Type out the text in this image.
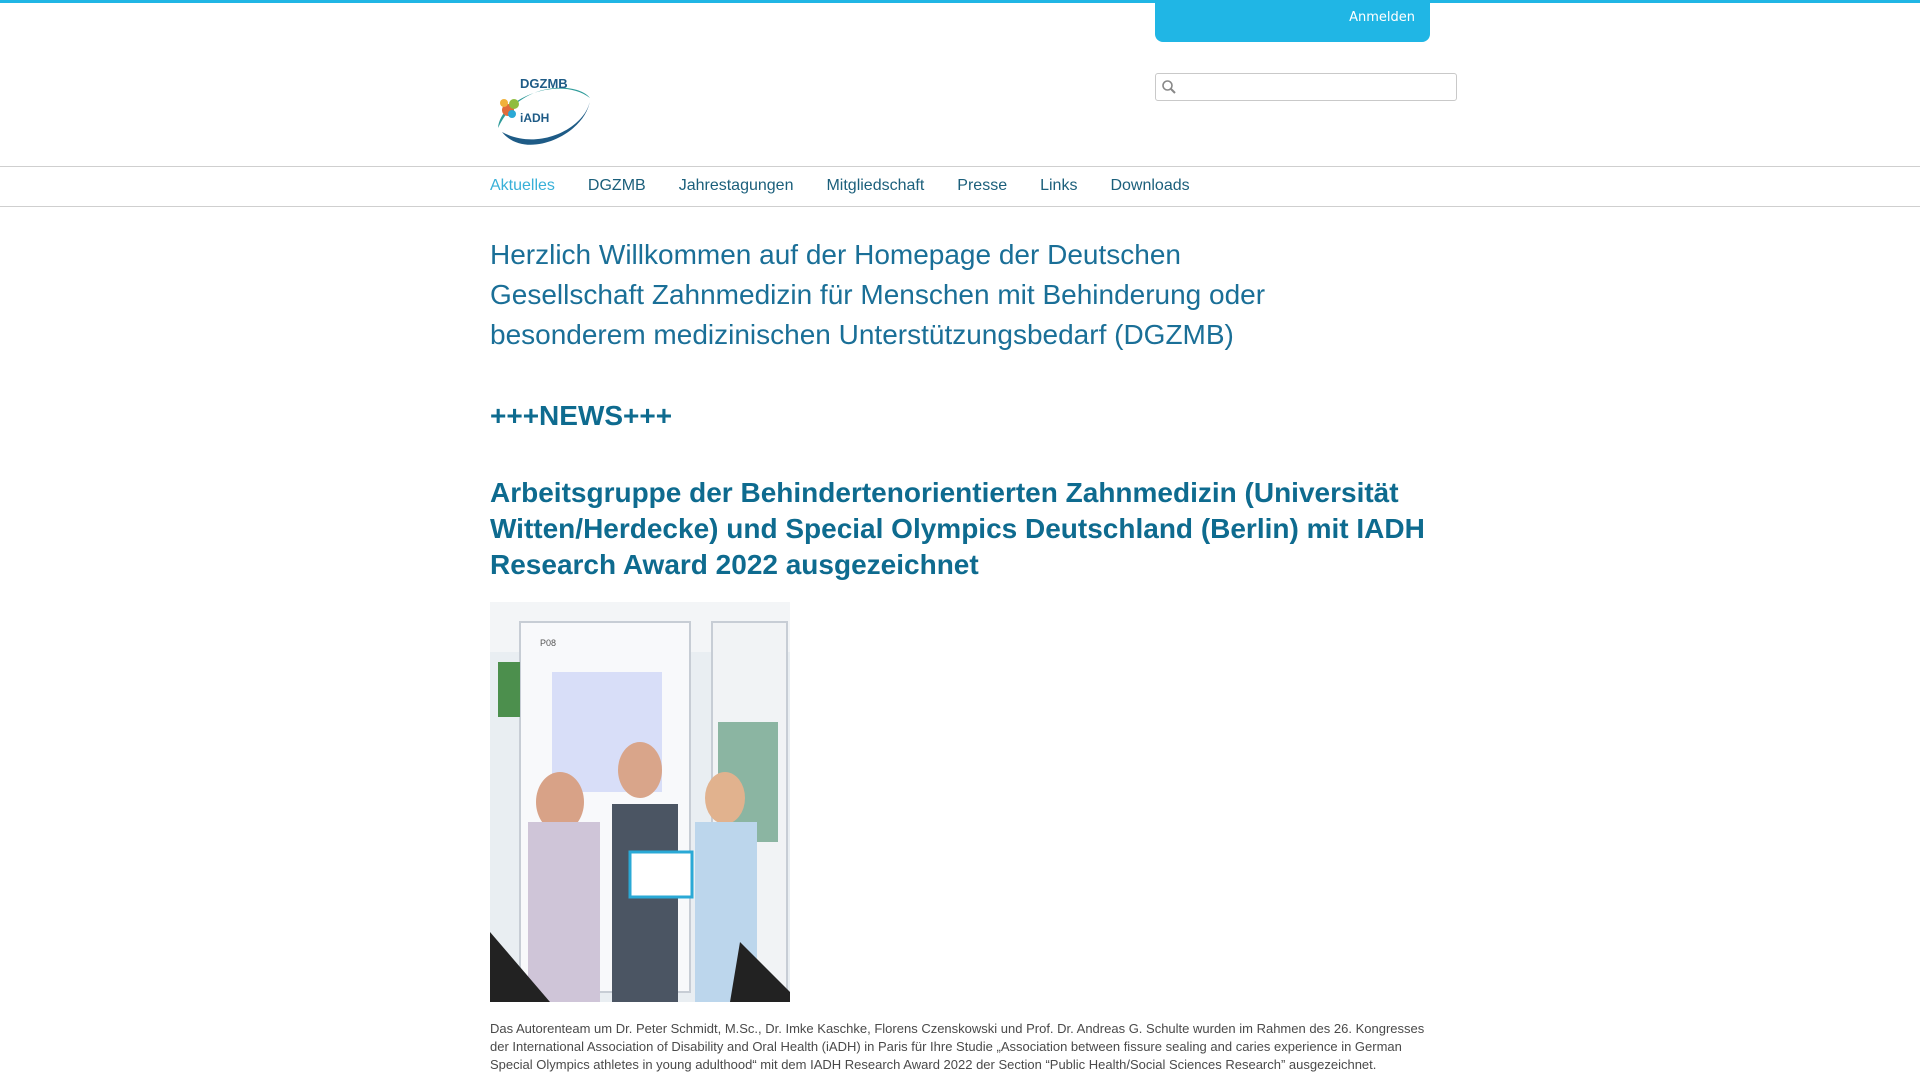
Anmelden
DGZMB
iADH
Aktuelles DGZMB Jahrestagungen Mitgliedschaft Presse Links Downloads
Herzlich Willkommen auf der Homepage der Deutschen Gesellschaft Zahnmedizin für Menschen mit Behinderung oder besonderem medizinischen Unterstützungsbedarf (DGZMB)
+++NEWS+++
Arbeitsgruppe der Behindertenorientierten Zahnmedizin (Universität Witten/Herdecke) und Special Olympics Deutschland (Berlin) mit IADH Research Award 2022 ausgezeichnet
P08

Das Autorenteam um Dr. Peter Schmidt, M.Sc., Dr. Imke Kaschke, Florens Czenskowski und Prof. Dr. Andreas G. Schulte wurden im Rahmen des 26. Kongresses der International Association of Disability and Oral Health (iADH) in Paris für Ihre Studie „Association between fissure sealing and caries experience in German Special Olympics athletes in young adulthood“ mit dem IADH Research Award 2022 der Section “Public Health/Social Sciences Research” ausgezeichnet.
